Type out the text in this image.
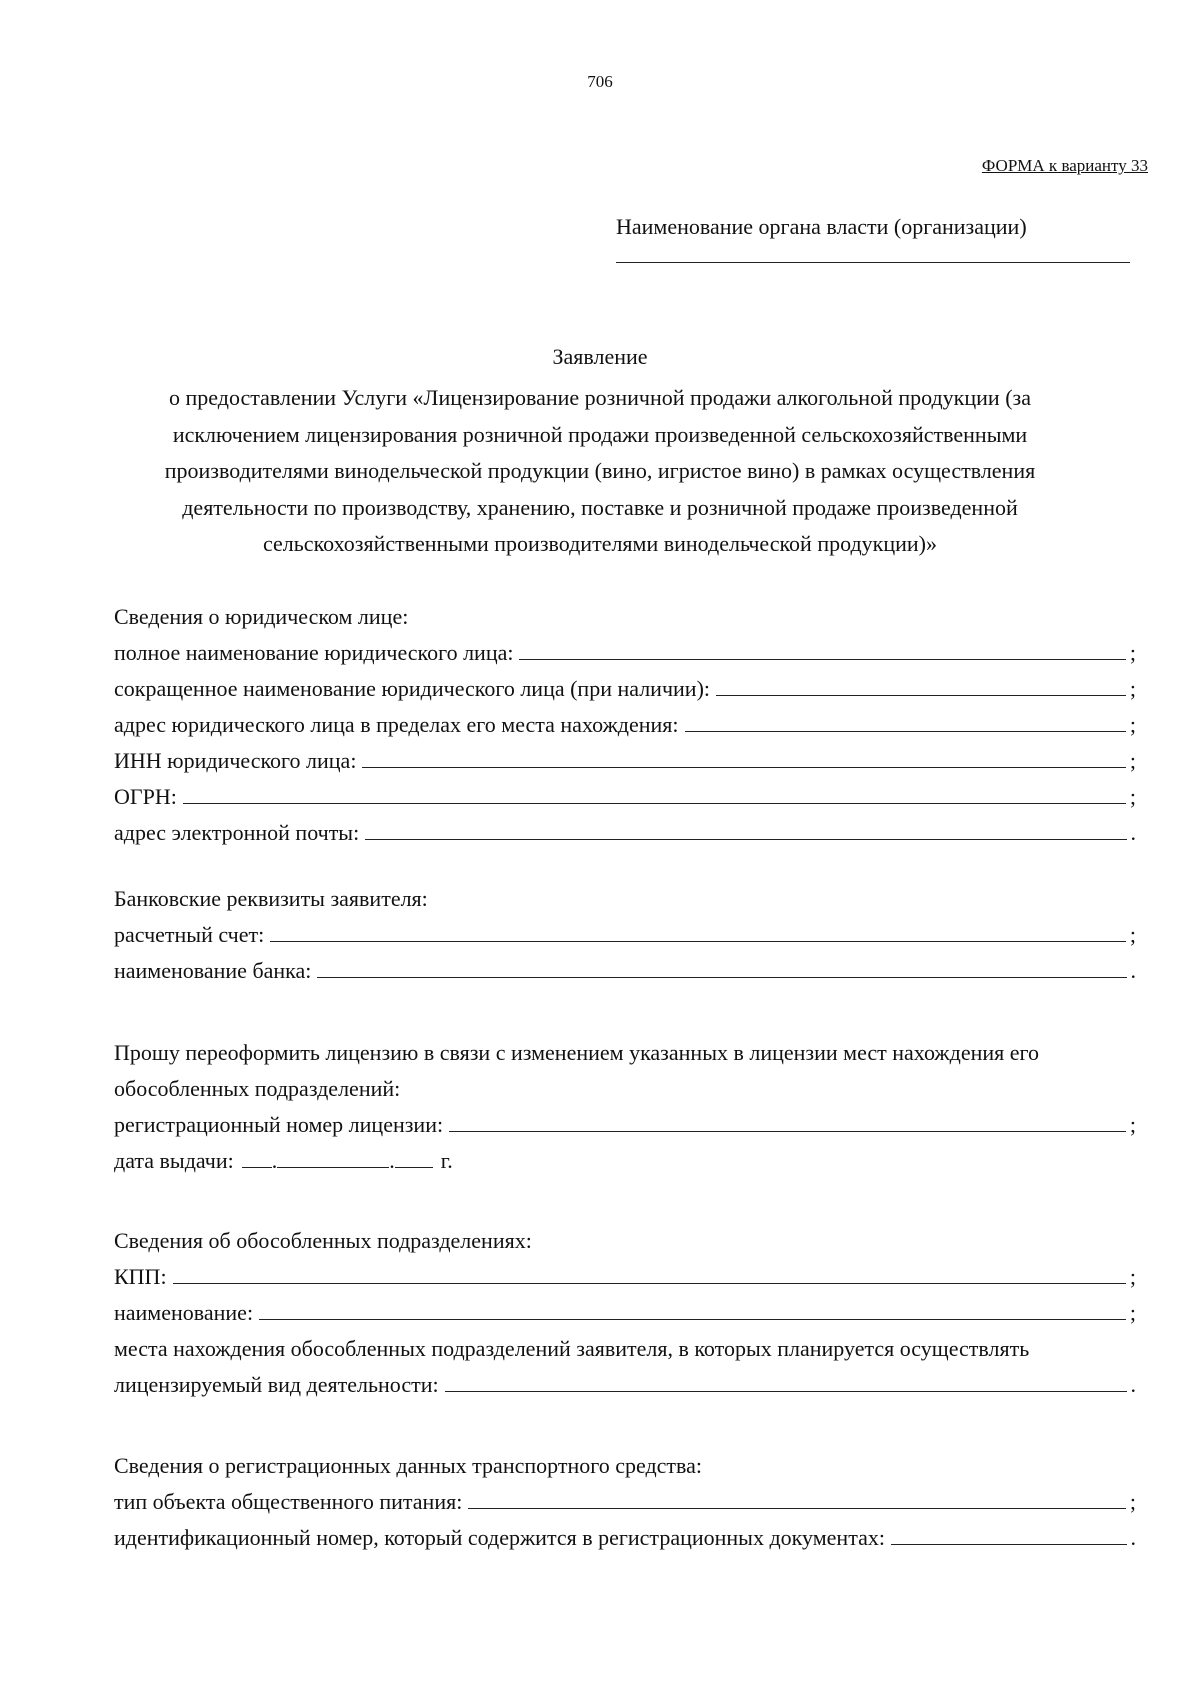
706
ФОРМА к варианту 33
Наименование органа власти (организации)
Заявление
о предоставлении Услуги «Лицензирование розничной продажи алкогольной продукции (за
исключением лицензирования розничной продажи произведенной сельскохозяйственными
производителями винодельческой продукции (вино, игристое вино) в рамках осуществления
деятельности по производству, хранению, поставке и розничной продаже произведенной
сельскохозяйственными производителями винодельческой продукции)»
Сведения о юридическом лице:
полное наименование юридического лица:	;
сокращенное наименование юридического лица (при наличии):	;
адрес юридического лица в пределах его места нахождения:	;
ИНН юридического лица:	;
ОГРН:	;
адрес электронной почты:	.
Банковские реквизиты заявителя:
расчетный счет:	;
наименование банка:	.
Прошу переоформить лицензию в связи с изменением указанных в лицензии мест нахождения его
обособленных подразделений:
регистрационный номер лицензии:	;
дата выдачи: .	. г.
Сведения об обособленных подразделениях:
КПП:	;
наименование:	;
места нахождения обособленных подразделений заявителя, в которых планируется осуществлять
лицензируемый вид деятельности:	.
Сведения о регистрационных данных транспортного средства:
тип объекта общественного питания:	;
идентификационный номер, который содержится в регистрационных документах:	.
